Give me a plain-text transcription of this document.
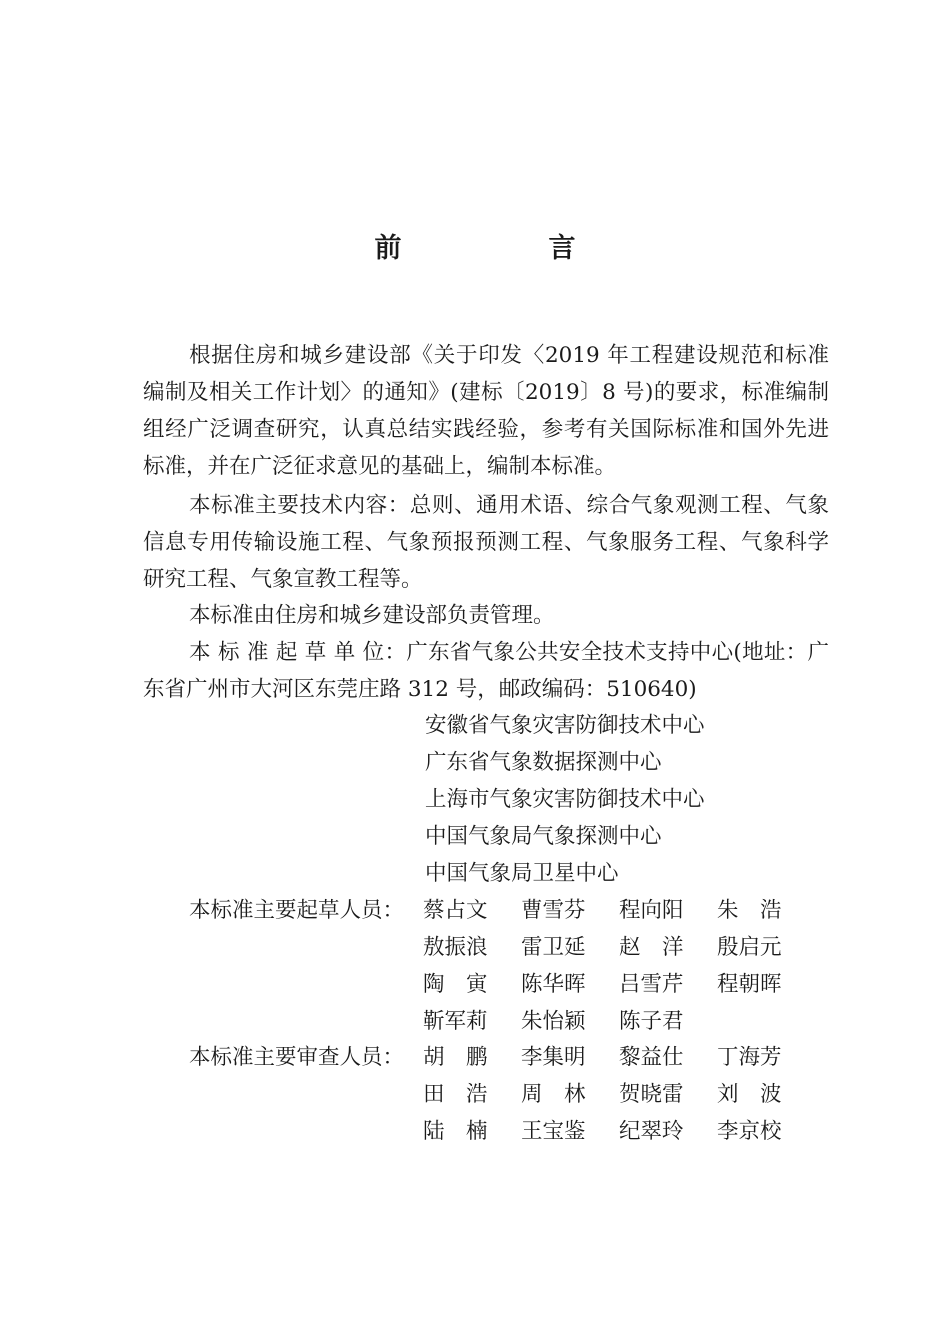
前　言

根据住房和城乡建设部《关于印发〈2019 年工程建设规范和标准编制及相关工作计划〉的通知》(建标〔2019〕8 号)的要求，标准编制组经广泛调查研究，认真总结实践经验，参考有关国际标准和国外先进标准，并在广泛征求意见的基础上，编制本标准。

本标准主要技术内容：总则、通用术语、综合气象观测工程、气象信息专用传输设施工程、气象预报预测工程、气象服务工程、气象科学研究工程、气象宣教工程等。

本标准由住房和城乡建设部负责管理。

本 标 准 起 草 单 位：广东省气象公共安全技术支持中心(地址：广东省广州市大河区东莞庄路 312 号，邮政编码：510640)

安徽省气象灾害防御技术中心
广东省气象数据探测中心
上海市气象灾害防御技术中心
中国气象局气象探测中心
中国气象局卫星中心
本标准主要起草人员： 蔡占文	曹雪芬	程向阳	朱　浩
敖振浪	雷卫延	赵　洋	殷启元
陶　寅	陈华晖	吕雪芹	程朝晖
靳军莉	朱怡颖	陈子君
本标准主要审查人员： 胡　鹏	李集明	黎益仕	丁海芳
田　浩	周　林	贺晓雷	刘　波
陆　楠	王宝鉴	纪翠玲	李京校
